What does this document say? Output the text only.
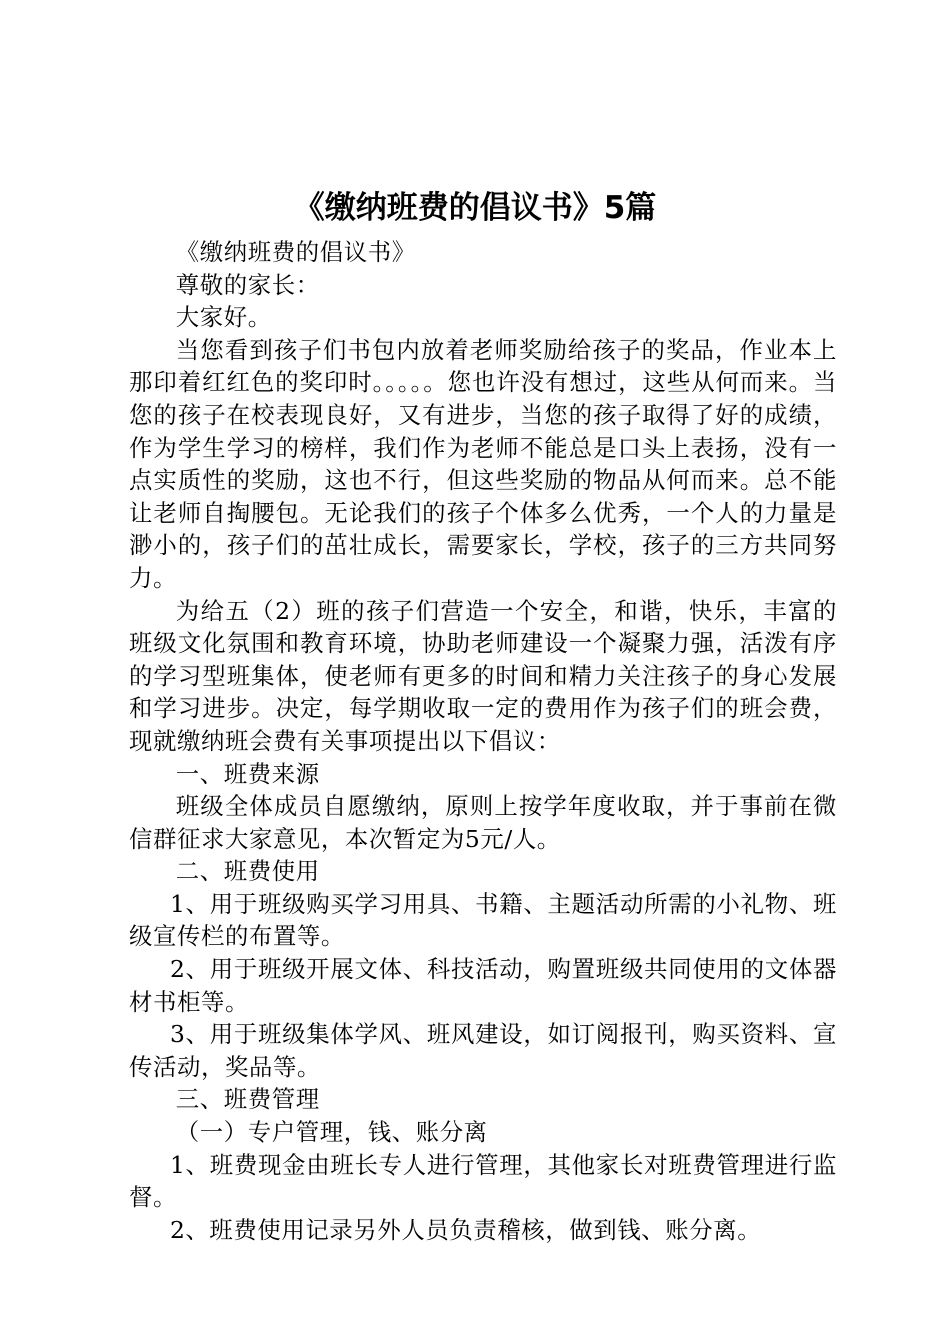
《缴纳班费的倡议书》5篇

《缴纳班费的倡议书》

尊敬的家长：

大家好。

当您看到孩子们书包内放着老师奖励给孩子的奖品，作业本上那印着红红色的奖印时。。。。。您也许没有想过，这些从何而来。当您的孩子在校表现良好，又有进步，当您的孩子取得了好的成绩，作为学生学习的榜样，我们作为老师不能总是口头上表扬，没有一点实质性的奖励，这也不行，但这些奖励的物品从何而来。总不能让老师自掏腰包。无论我们的孩子个体多么优秀，一个人的力量是渺小的，孩子们的茁壮成长，需要家长，学校，孩子的三方共同努力。

为给五（2）班的孩子们营造一个安全，和谐，快乐，丰富的班级文化氛围和教育环境，协助老师建设一个凝聚力强，活泼有序的学习型班集体，使老师有更多的时间和精力关注孩子的身心发展和学习进步。决定，每学期收取一定的费用作为孩子们的班会费，现就缴纳班会费有关事项提出以下倡议：

一、班费来源

班级全体成员自愿缴纳，原则上按学年度收取，并于事前在微信群征求大家意见，本次暂定为5元/人。

二、班费使用

1、用于班级购买学习用具、书籍、主题活动所需的小礼物、班级宣传栏的布置等。

2、用于班级开展文体、科技活动，购置班级共同使用的文体器材书柜等。

3、用于班级集体学风、班风建设，如订阅报刊，购买资料、宣传活动，奖品等。

三、班费管理

（一）专户管理，钱、账分离

1、班费现金由班长专人进行管理，其他家长对班费管理进行监督。

2、班费使用记录另外人员负责稽核，做到钱、账分离。
